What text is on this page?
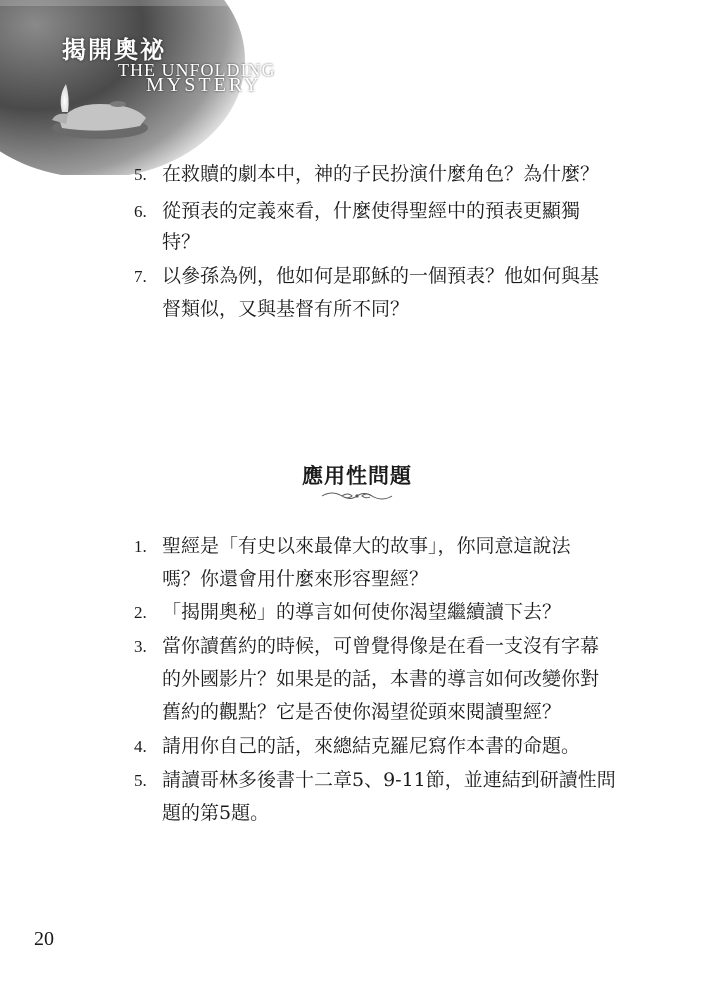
揭開奧祕
THE UNFOLDING
MYSTERY
5. 在救贖的劇本中，神的子民扮演什麼角色？為什麼？
6. 從預表的定義來看，什麼使得聖經中的預表更顯獨
特？
7. 以參孫為例，他如何是耶穌的一個預表？他如何與基
督類似，又與基督有所不同？
應用性問題
1. 聖經是「有史以來最偉大的故事」，你同意這說法
嗎？你還會用什麼來形容聖經？
2. 「揭開奧秘」的導言如何使你渴望繼續讀下去？
3. 當你讀舊約的時候，可曾覺得像是在看一支沒有字幕
的外國影片？如果是的話，本書的導言如何改變你對
舊約的觀點？它是否使你渴望從頭來閱讀聖經？
4. 請用你自己的話，來總結克羅尼寫作本書的命題。
5. 請讀哥林多後書十二章5、9-11節，並連結到研讀性問
題的第5題。
20
